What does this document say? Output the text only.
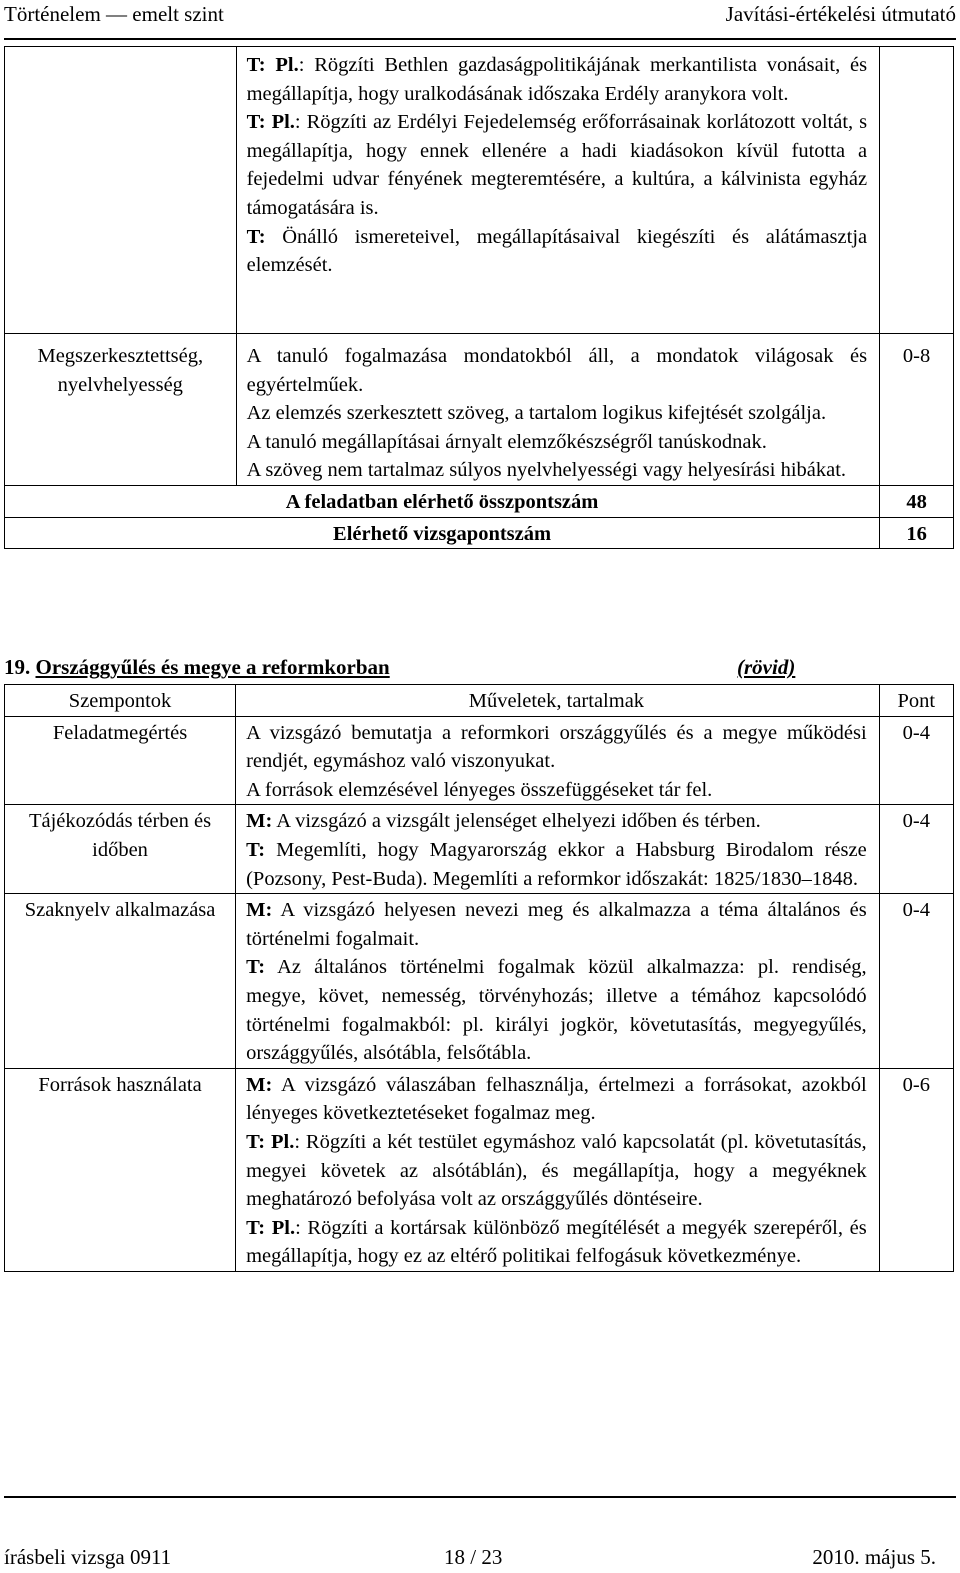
Történelem — emelt szint	Javítási-értékelési útmutató

	T: Pl.: Rögzíti Bethlen gazdaságpolitikájának merkantilista vonásait, és megállapítja, hogy uralkodásának időszaka Erdély aranykora volt.

T: Pl.: Rögzíti az Erdélyi Fejedelemség erőforrásainak korlátozott voltát, s megállapítja, hogy ennek ellenére a hadi kiadásokon kívül futotta a fejedelmi udvar fényének megteremtésére, a kultúra, a kálvinista egyház támogatására is.

T: Önálló ismereteivel, megállapításaival kiegészíti és alátámasztja elemzését.	

Megszerkesztettség, nyelvhelyesség	A tanuló fogalmazása mondatokból áll, a mondatok világosak és egyértelműek.

Az elemzés szerkesztett szöveg, a tartalom logikus kifejtését szolgálja.

A tanuló megállapításai árnyalt elemzőkészségről tanúskodnak.

A szöveg nem tartalmaz súlyos nyelvhelyességi vagy helyesírási hibákat.	0-8
A feladatban elérhető összpontszám		48
Elérhető vizsgapontszám		16
19. Országgyűlés és megye a reformkorban	(rövid)
Szempontok	Műveletek, tartalmak	Pont
Feladatmegértés	A vizsgázó bemutatja a reformkori országgyűlés és a megye működési rendjét, egymáshoz való viszonyukat.

A források elemzésével lényeges összefüggéseket tár fel.	0-4
Tájékozódás térben és időben	M: A vizsgázó a vizsgált jelenséget elhelyezi időben és térben.

T: Megemlíti, hogy Magyarország ekkor a Habsburg Birodalom része (Pozsony, Pest-Buda). Megemlíti a reformkor időszakát: 1825/1830–1848.	0-4
Szaknyelv alkalmazása	M: A vizsgázó helyesen nevezi meg és alkalmazza a téma általános és történelmi fogalmait.

T: Az általános történelmi fogalmak közül alkalmazza: pl. rendiség, megye, követ, nemesség, törvényhozás; illetve a témához kapcsolódó történelmi fogalmakból: pl. királyi jogkör, követutasítás, megyegyűlés, országgyűlés, alsótábla, felsőtábla.	0-4
Források használata	M: A vizsgázó válaszában felhasználja, értelmezi a forrásokat, azokból lényeges következtetéseket fogalmaz meg.

T: Pl.: Rögzíti a két testület egymáshoz való kapcsolatát (pl. követutasítás, megyei követek az alsótáblán), és megállapítja, hogy a megyéknek meghatározó befolyása volt az országgyűlés döntéseire.

T: Pl.: Rögzíti a kortársak különböző megítélését a megyék szerepéről, és megállapítja, hogy ez az eltérő politikai felfogásuk következménye.	0-6
írásbeli vizsga 0911	18 / 23	2010. május 5.
